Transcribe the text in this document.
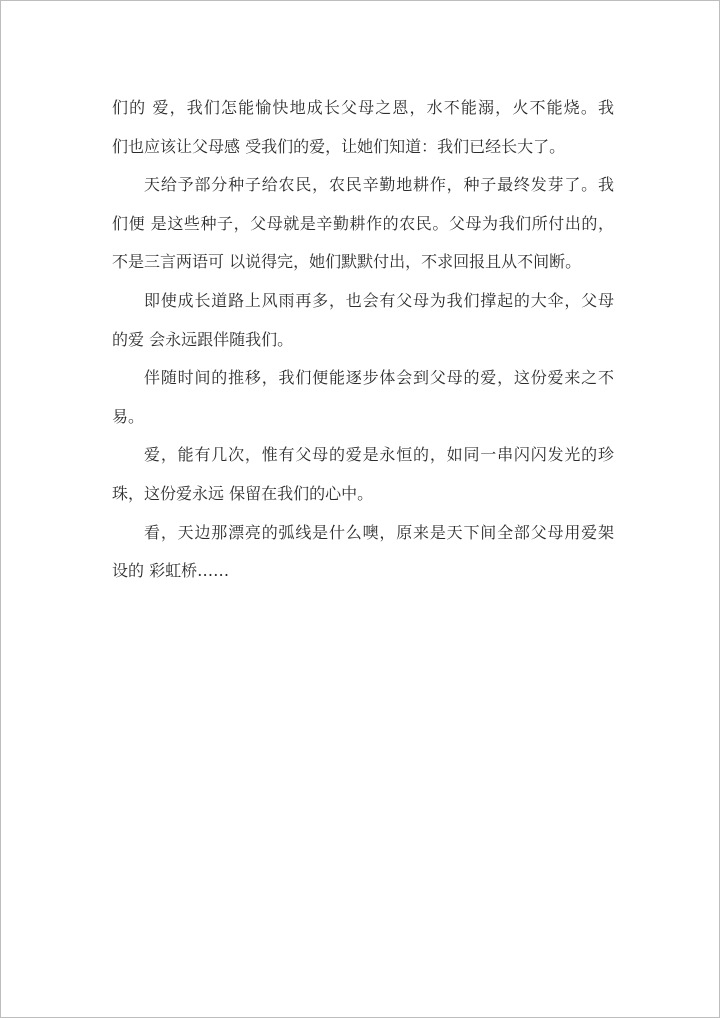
们的 爱，我们怎能愉快地成长父母之恩，水不能溺，火不能烧。我
们也应该让父母感 受我们的爱，让她们知道：我们已经长大了。

天给予部分种子给农民，农民辛勤地耕作，种子最终发芽了。我
们便 是这些种子，父母就是辛勤耕作的农民。父母为我们所付出的，
不是三言两语可 以说得完，她们默默付出，不求回报且从不间断。

即使成长道路上风雨再多，也会有父母为我们撑起的大伞，父母
的爱 会永远跟伴随我们。

伴随时间的推移，我们便能逐步体会到父母的爱，这份爱来之不
易。

爱，能有几次，惟有父母的爱是永恒的，如同一串闪闪发光的珍
珠，这份爱永远 保留在我们的心中。

看，天边那漂亮的弧线是什么噢，原来是天下间全部父母用爱架
设的 彩虹桥……
